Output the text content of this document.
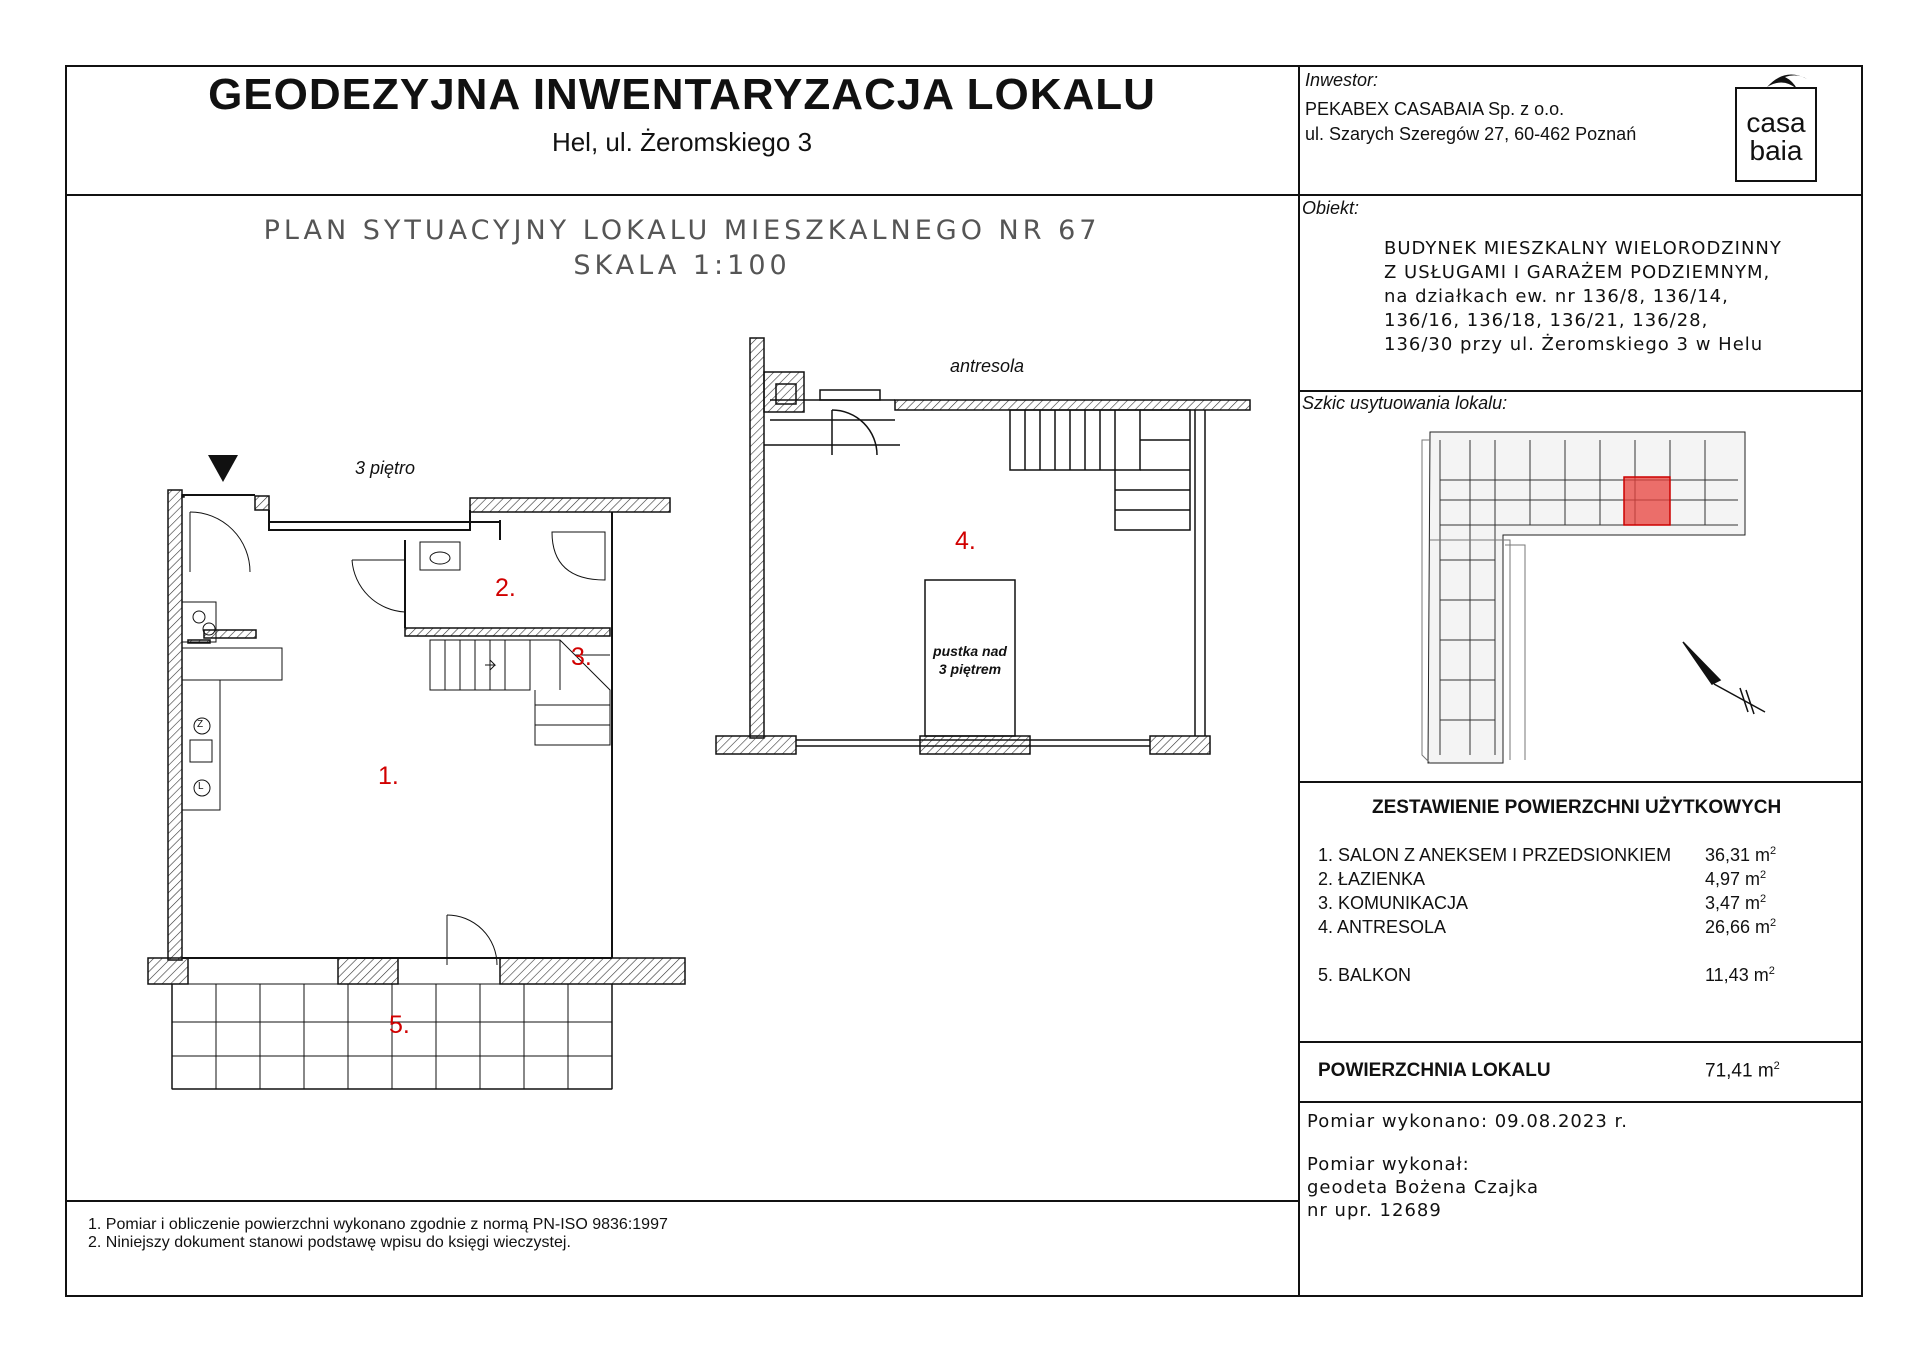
GEODEZYJNA INWENTARYZACJA LOKALU
Hel, ul. Żeromskiego 3
Inwestor:
PEKABEX CASABAIA Sp. z o.o.
ul. Szarych Szeregów 27, 60-462 Poznań	casa
baia
Obiekt:
BUDYNEK MIESZKALNY WIELORODZINNY
Z USŁUGAMI I GARAŻEM PODZIEMNYM,
na działkach ew. nr 136/8, 136/14,
136/16, 136/18, 136/21, 136/28,
136/30 przy ul. Żeromskiego 3 w Helu
Szkic usytuowania lokalu:
ZESTAWIENIE POWIERZCHNI UŻYTKOWYCH
1. SALON Z ANEKSEM I PRZEDSIONKIEM 36,31 $m^2$
2. ŁAZIENKA	4,97 $m^2$
3. KOMUNIKACJA	3,47 $m^2$
4. ANTRESOLA	26,66 $m^2$
5. BALKON	11,43 $m^2$
POWIERZCHNIA LOKALU	71,41 $m^2$
Pomiar wykonano: 09.08.2023 r.
Pomiar wykonał:
geodeta Bożena Czajka
nr upr. 12689
1. Pomiar i obliczenie powierzchni wykonano zgodnie z normą PN-ISO 9836:1997
2. Niniejszy dokument stanowi podstawę wpisu do księgi wieczystej.
PLAN SYTUACYJNY LOKALU MIESZKALNEGO NR 67
SKALA 1:100
3 piętro
antresola
pustka nad
3 piętrem
Z
L	1.
2.
3.
4.
5.
